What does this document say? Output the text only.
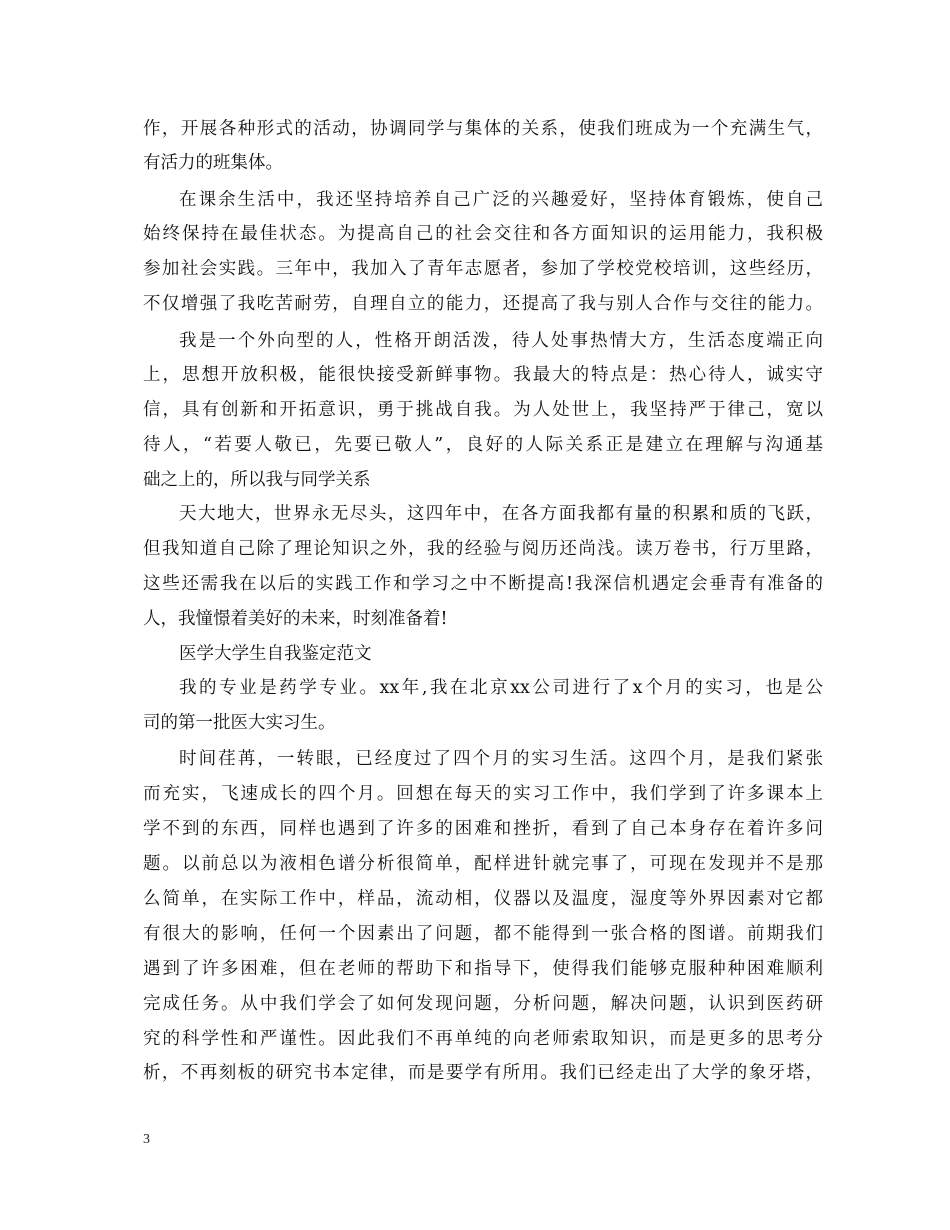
作，开展各种形式的活动，协调同学与集体的关系，使我们班成为一个充满生气，
有活力的班集体。
在课余生活中，我还坚持培养自己广泛的兴趣爱好，坚持体育锻炼，使自己
始终保持在最佳状态。为提高自己的社会交往和各方面知识的运用能力，我积极
参加社会实践。三年中，我加入了青年志愿者，参加了学校党校培训，这些经历，
不仅增强了我吃苦耐劳，自理自立的能力，还提高了我与别人合作与交往的能力。
我是一个外向型的人，性格开朗活泼，待人处事热情大方，生活态度端正向
上，思想开放积极，能很快接受新鲜事物。我最大的特点是：热心待人，诚实守
信，具有创新和开拓意识，勇于挑战自我。为人处世上，我坚持严于律己，宽以
待人，“若要人敬已，先要已敬人”，良好的人际关系正是建立在理解与沟通基
础之上的，所以我与同学关系
天大地大，世界永无尽头，这四年中，在各方面我都有量的积累和质的飞跃，
但我知道自己除了理论知识之外，我的经验与阅历还尚浅。读万卷书，行万里路，
这些还需我在以后的实践工作和学习之中不断提高!我深信机遇定会垂青有准备的
人，我憧憬着美好的未来，时刻准备着!
医学大学生自我鉴定范文
我的专业是药学专业。xx年,我在北京xx公司进行了x个月的实习，也是公
司的第一批医大实习生。
时间荏苒，一转眼，已经度过了四个月的实习生活。这四个月，是我们紧张
而充实，飞速成长的四个月。回想在每天的实习工作中，我们学到了许多课本上
学不到的东西，同样也遇到了许多的困难和挫折，看到了自己本身存在着许多问
题。以前总以为液相色谱分析很简单，配样进针就完事了，可现在发现并不是那
么简单，在实际工作中，样品，流动相，仪器以及温度，湿度等外界因素对它都
有很大的影响，任何一个因素出了问题，都不能得到一张合格的图谱。前期我们
遇到了许多困难，但在老师的帮助下和指导下，使得我们能够克服种种困难顺利
完成任务。从中我们学会了如何发现问题，分析问题，解决问题，认识到医药研
究的科学性和严谨性。因此我们不再单纯的向老师索取知识，而是更多的思考分
析，不再刻板的研究书本定律，而是要学有所用。我们已经走出了大学的象牙塔，
3
